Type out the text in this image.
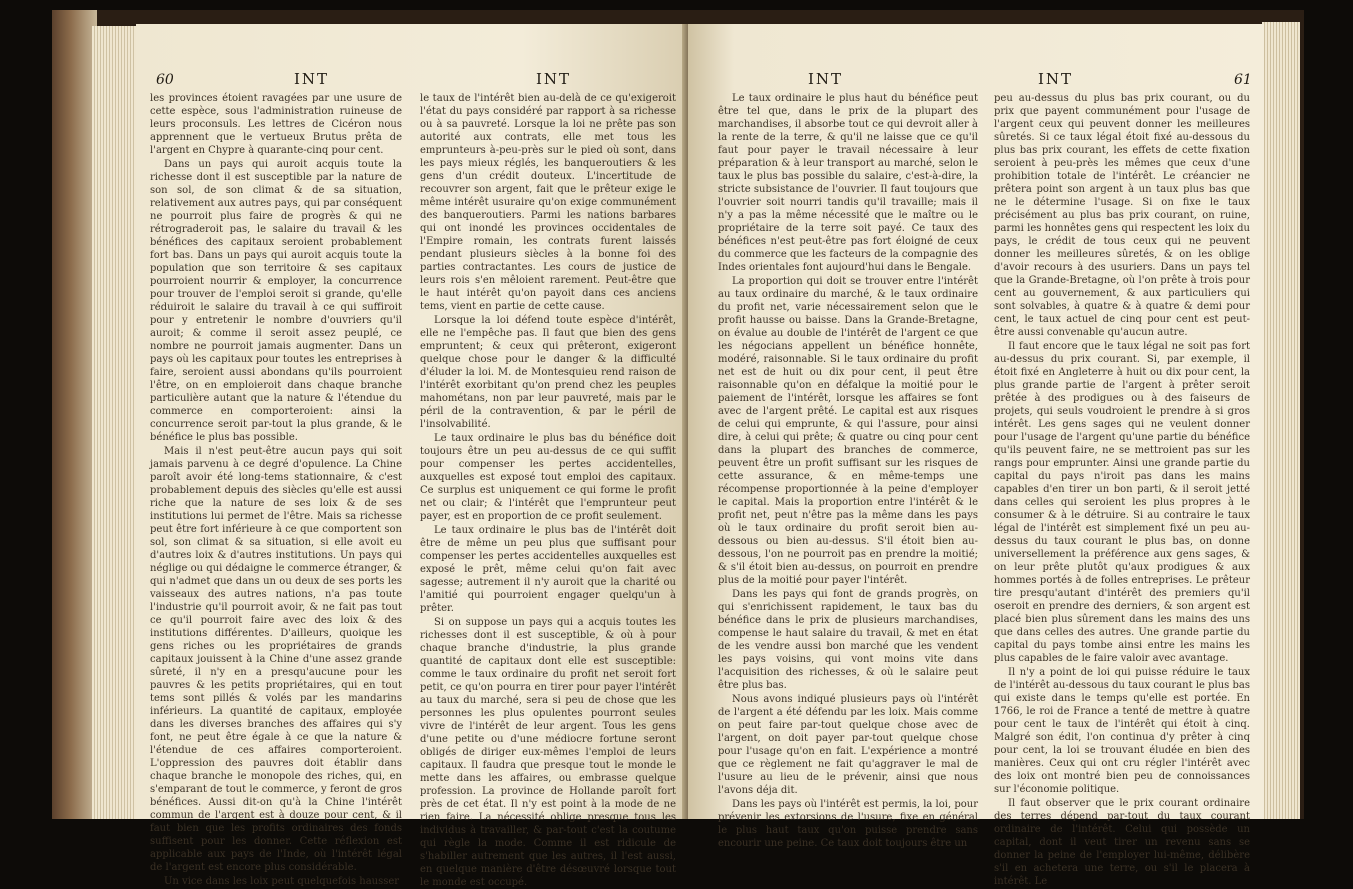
60	INT	INT

les provinces étoient ravagées par une usure de cette espèce, sous l'administration ruineuse de leurs proconsuls. Les lettres de Cicéron nous apprennent que le vertueux Brutus prêta de l'argent en Chypre à quarante-cinq pour cent.

Dans un pays qui auroit acquis toute la richesse dont il est susceptible par la nature de son sol, de son climat & de sa situation, relativement aux autres pays, qui par conséquent ne pourroit plus faire de progrès & qui ne rétrograderoit pas, le salaire du travail & les bénéfices des capitaux seroient probablement fort bas. Dans un pays qui auroit acquis toute la population que son territoire & ses capitaux pourroient nourrir & employer, la concurrence pour trouver de l'emploi seroit si grande, qu'elle réduiroit le salaire du travail à ce qui suffiroit pour y entretenir le nombre d'ouvriers qu'il auroit; & comme il seroit assez peuplé, ce nombre ne pourroit jamais augmenter. Dans un pays où les capitaux pour toutes les entreprises à faire, seroient aussi abondans qu'ils pourroient l'être, on en emploieroit dans chaque branche particulière autant que la nature & l'étendue du commerce en comporteroient: ainsi la concurrence seroit par-tout la plus grande, & le bénéfice le plus bas possible.

Mais il n'est peut-être aucun pays qui soit jamais parvenu à ce degré d'opulence. La Chine paroît avoir été long-tems stationnaire, & c'est probablement depuis des siècles qu'elle est aussi riche que la nature de ses loix & de ses institutions lui permet de l'être. Mais sa richesse peut être fort inférieure à ce que comportent son sol, son climat & sa situation, si elle avoit eu d'autres loix & d'autres institutions. Un pays qui néglige ou qui dédaigne le commerce étranger, & qui n'admet que dans un ou deux de ses ports les vaisseaux des autres nations, n'a pas toute l'industrie qu'il pourroit avoir, & ne fait pas tout ce qu'il pourroit faire avec des loix & des institutions différentes. D'ailleurs, quoique les gens riches ou les propriétaires de grands capitaux jouissent à la Chine d'une assez grande sûreté, il n'y en a presqu'aucune pour les pauvres & les petits propriétaires, qui en tout tems sont pillés & volés par les mandarins inférieurs. La quantité de capitaux, employée dans les diverses branches des affaires qui s'y font, ne peut être égale à ce que la nature & l'étendue de ces affaires comporteroient. L'oppression des pauvres doit établir dans chaque branche le monopole des riches, qui, en s'emparant de tout le commerce, y feront de gros bénéfices. Aussi dit-on qu'à la Chine l'intérêt commun de l'argent est à douze pour cent, & il faut bien que les profits ordinaires des fonds suffisent pour les donner. Cette réflexion est applicable aux pays de l'Inde, où l'intérêt légal de l'argent est encore plus considérable.

Un vice dans les loix peut quelquefois hausser

le taux de l'intérêt bien au-delà de ce qu'exigeroit l'état du pays considéré par rapport à sa richesse ou à sa pauvreté. Lorsque la loi ne prête pas son autorité aux contrats, elle met tous les emprunteurs à-peu-près sur le pied où sont, dans les pays mieux réglés, les banqueroutiers & les gens d'un crédit douteux. L'incertitude de recouvrer son argent, fait que le prêteur exige le même intérêt usuraire qu'on exige communément des banqueroutiers. Parmi les nations barbares qui ont inondé les provinces occidentales de l'Empire romain, les contrats furent laissés pendant plusieurs siècles à la bonne foi des parties contractantes. Les cours de justice de leurs rois s'en mêloient rarement. Peut-être que le haut intérêt qu'on payoit dans ces anciens tems, vient en partie de cette cause.

Lorsque la loi défend toute espèce d'intérêt, elle ne l'empêche pas. Il faut que bien des gens empruntent; & ceux qui prêteront, exigeront quelque chose pour le danger & la difficulté d'éluder la loi. M. de Montesquieu rend raison de l'intérêt exorbitant qu'on prend chez les peuples mahométans, non par leur pauvreté, mais par le péril de la contravention, & par le péril de l'insolvabilité.

Le taux ordinaire le plus bas du bénéfice doit toujours être un peu au-dessus de ce qui suffit pour compenser les pertes accidentelles, auxquelles est exposé tout emploi des capitaux. Ce surplus est uniquement ce qui forme le profit net ou clair; & l'intérêt que l'emprunteur peut payer, est en proportion de ce profit seulement.

Le taux ordinaire le plus bas de l'intérêt doit être de même un peu plus que suffisant pour compenser les pertes accidentelles auxquelles est exposé le prêt, même celui qu'on fait avec sagesse; autrement il n'y auroit que la charité ou l'amitié qui pourroient engager quelqu'un à prêter.

Si on suppose un pays qui a acquis toutes les richesses dont il est susceptible, & où à pour chaque branche d'industrie, la plus grande quantité de capitaux dont elle est susceptible: comme le taux ordinaire du profit net seroit fort petit, ce qu'on pourra en tirer pour payer l'intérêt au taux du marché, sera si peu de chose que les personnes les plus opulentes pourront seules vivre de l'intérêt de leur argent. Tous les gens d'une petite ou d'une médiocre fortune seront obligés de diriger eux-mêmes l'emploi de leurs capitaux. Il faudra que presque tout le monde le mette dans les affaires, ou embrasse quelque profession. La province de Hollande paroît fort près de cet état. Il n'y est point à la mode de ne rien faire. La nécessité oblige presque tous les individus à travailler, & par-tout c'est la coutume qui règle la mode. Comme il est ridicule de s'habiller autrement que les autres, il l'est aussi, en quelque manière d'être désœuvré lorsque tout le monde est occupé.

INT	INT	61

Le taux ordinaire le plus haut du bénéfice peut être tel que, dans le prix de la plupart des marchandises, il absorbe tout ce qui devroit aller à la rente de la terre, & qu'il ne laisse que ce qu'il faut pour payer le travail nécessaire à leur préparation & à leur transport au marché, selon le taux le plus bas possible du salaire, c'est-à-dire, la stricte subsistance de l'ouvrier. Il faut toujours que l'ouvrier soit nourri tandis qu'il travaille; mais il n'y a pas la même nécessité que le maître ou le propriétaire de la terre soit payé. Ce taux des bénéfices n'est peut-être pas fort éloigné de ceux du commerce que les facteurs de la compagnie des Indes orientales font aujourd'hui dans le Bengale.

La proportion qui doit se trouver entre l'intérêt au taux ordinaire du marché, & le taux ordinaire du profit net, varie nécessairement selon que le profit hausse ou baisse. Dans la Grande-Bretagne, on évalue au double de l'intérêt de l'argent ce que les négocians appellent un bénéfice honnête, modéré, raisonnable. Si le taux ordinaire du profit net est de huit ou dix pour cent, il peut être raisonnable qu'on en défalque la moitié pour le paiement de l'intérêt, lorsque les affaires se font avec de l'argent prêté. Le capital est aux risques de celui qui emprunte, & qui l'assure, pour ainsi dire, à celui qui prête; & quatre ou cinq pour cent dans la plupart des branches de commerce, peuvent être un profit suffisant sur les risques de cette assurance, & en même-temps une récompense proportionnée à la peine d'employer le capital. Mais la proportion entre l'intérêt & le profit net, peut n'être pas la même dans les pays où le taux ordinaire du profit seroit bien au-dessous ou bien au-dessus. S'il étoit bien au-dessous, l'on ne pourroit pas en prendre la moitié; & s'il étoit bien au-dessus, on pourroit en prendre plus de la moitié pour payer l'intérêt.

Dans les pays qui font de grands progrès, on qui s'enrichissent rapidement, le taux bas du bénéfice dans le prix de plusieurs marchandises, compense le haut salaire du travail, & met en état de les vendre aussi bon marché que les vendent les pays voisins, qui vont moins vite dans l'acquisition des richesses, & où le salaire peut être plus bas.

Nous avons indiqué plusieurs pays où l'intérêt de l'argent a été défendu par les loix. Mais comme on peut faire par-tout quelque chose avec de l'argent, on doit payer par-tout quelque chose pour l'usage qu'on en fait. L'expérience a montré que ce règlement ne fait qu'aggraver le mal de l'usure au lieu de le prévenir, ainsi que nous l'avons déja dit.

Dans les pays où l'intérêt est permis, la loi, pour prévenir les extorsions de l'usure, fixe en général le plus haut taux qu'on puisse prendre sans encourir une peine. Ce taux doit toujours être un

peu au-dessus du plus bas prix courant, ou du prix que payent communément pour l'usage de l'argent ceux qui peuvent donner les meilleures sûretés. Si ce taux légal étoit fixé au-dessous du plus bas prix courant, les effets de cette fixation seroient à peu-près les mêmes que ceux d'une prohibition totale de l'intérêt. Le créancier ne prêtera point son argent à un taux plus bas que ne le détermine l'usage. Si on fixe le taux précisément au plus bas prix courant, on ruine, parmi les honnêtes gens qui respectent les loix du pays, le crédit de tous ceux qui ne peuvent donner les meilleures sûretés, & on les oblige d'avoir recours à des usuriers. Dans un pays tel que la Grande-Bretagne, où l'on prête à trois pour cent au gouvernement, & aux particuliers qui sont solvables, à quatre & à quatre & demi pour cent, le taux actuel de cinq pour cent est peut-être aussi convenable qu'aucun autre.

Il faut encore que le taux légal ne soit pas fort au-dessus du prix courant. Si, par exemple, il étoit fixé en Angleterre à huit ou dix pour cent, la plus grande partie de l'argent à prêter seroit prêtée à des prodigues ou à des faiseurs de projets, qui seuls voudroient le prendre à si gros intérêt. Les gens sages qui ne veulent donner pour l'usage de l'argent qu'une partie du bénéfice qu'ils peuvent faire, ne se mettroient pas sur les rangs pour emprunter. Ainsi une grande partie du capital du pays n'iroit pas dans les mains capables d'en tirer un bon parti, & il seroit jetté dans celles qui seroient les plus propres à le consumer & à le détruire. Si au contraire le taux légal de l'intérêt est simplement fixé un peu au-dessus du taux courant le plus bas, on donne universellement la préférence aux gens sages, & on leur prête plutôt qu'aux prodigues & aux hommes portés à de folles entreprises. Le prêteur tire presqu'autant d'intérêt des premiers qu'il oseroit en prendre des derniers, & son argent est placé bien plus sûrement dans les mains des uns que dans celles des autres. Une grande partie du capital du pays tombe ainsi entre les mains les plus capables de le faire valoir avec avantage.

Il n'y a point de loi qui puisse réduire le taux de l'intérêt au-dessous du taux courant le plus bas qui existe dans le temps qu'elle est portée. En 1766, le roi de France a tenté de mettre à quatre pour cent le taux de l'intérêt qui étoit à cinq. Malgré son édit, l'on continua d'y prêter à cinq pour cent, la loi se trouvant éludée en bien des manières. Ceux qui ont cru régler l'intérêt avec des loix ont montré bien peu de connoissances sur l'économie politique.

Il faut observer que le prix courant ordinaire des terres dépend par-tout du taux courant ordinaire de l'intérêt. Celui qui possède un capital, dont il veut tirer un revenu sans se donner la peine de l'employer lui-même, délibère s'il en achetera une terre, ou s'il le placera à intérêt. Le
